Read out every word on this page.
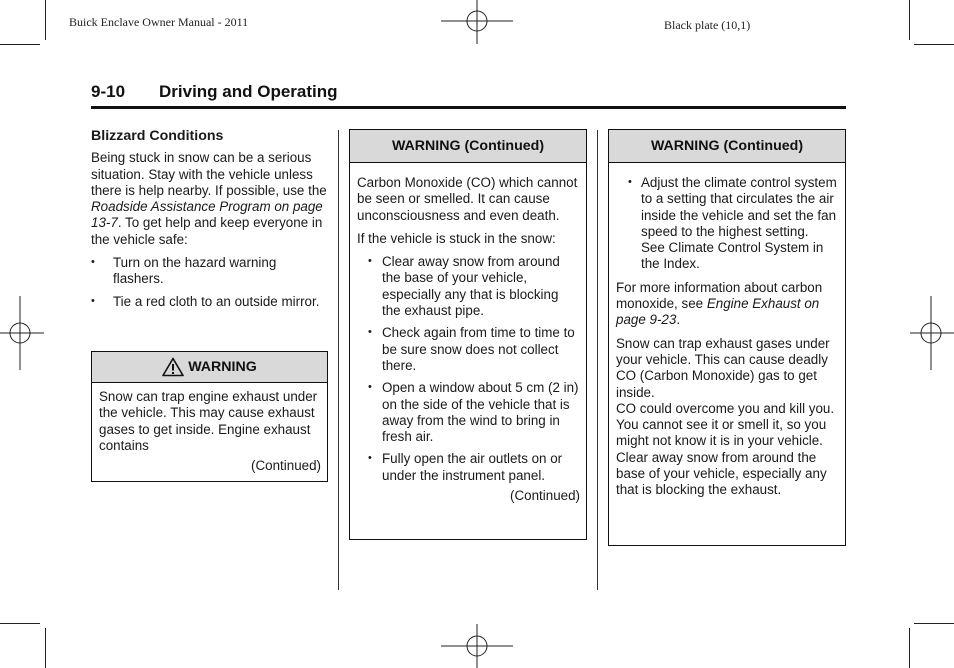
Buick Enclave Owner Manual - 2011	Black plate (10,1)
9-10 Driving and Operating
Blizzard Conditions

Being stuck in snow can be a serious situation. Stay with the vehicle unless there is help nearby. If possible, use the Roadside Assistance Program on page 13-7. To get help and keep everyone in the vehicle safe:

• Turn on the hazard warning flashers.
• Tie a red cloth to an outside mirror.
WARNING
Snow can trap engine exhaust under the vehicle. This may cause exhaust gases to get inside. Engine exhaust contains
(Continued)
WARNING (Continued)

Carbon Monoxide (CO) which cannot be seen or smelled. It can cause unconsciousness and even death.

If the vehicle is stuck in the snow:

• Clear away snow from around the base of your vehicle, especially any that is blocking the exhaust pipe.
• Check again from time to time to be sure snow does not collect there.
• Open a window about 5 cm (2 in) on the side of the vehicle that is away from the wind to bring in fresh air.
• Fully open the air outlets on or under the instrument panel.
(Continued)
WARNING (Continued)
• Adjust the climate control system to a setting that circulates the air inside the vehicle and set the fan speed to the highest setting.
See Climate Control System in the Index.

For more information about carbon monoxide, see Engine Exhaust on page 9-23.

Snow can trap exhaust gases under your vehicle. This can cause deadly CO (Carbon Monoxide) gas to get inside.

CO could overcome you and kill you. You cannot see it or smell it, so you might not know it is in your vehicle. Clear away snow from around the base of your vehicle, especially any that is blocking the exhaust.
